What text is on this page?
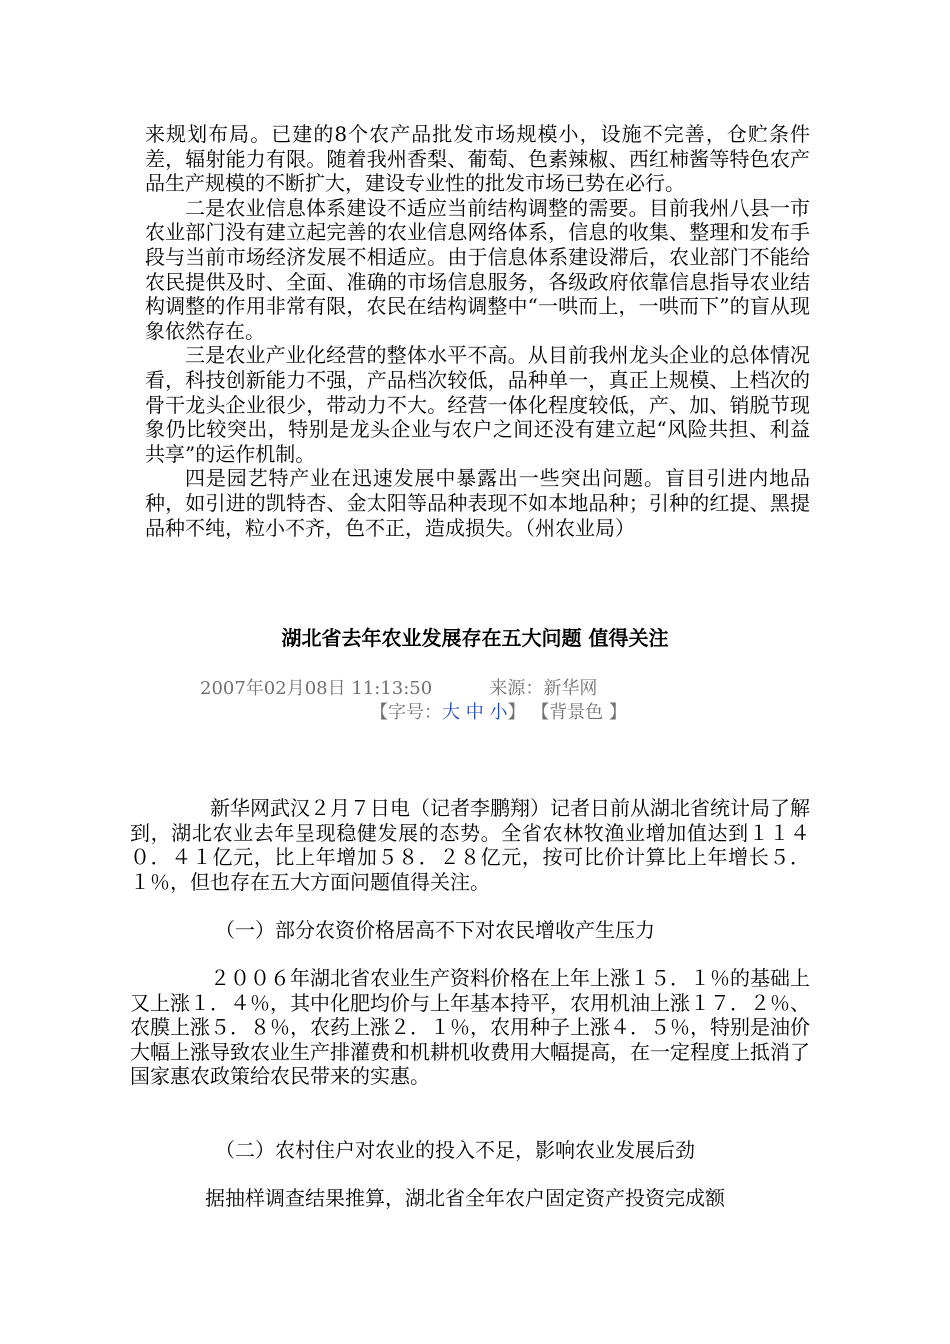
来规划布局。已建的8个农产品批发市场规模小，设施不完善，仓贮条件差，辐射能力有限。随着我州香梨、葡萄、色素辣椒、西红柿酱等特色农产品生产规模的不断扩大，建设专业性的批发市场已势在必行。

二是农业信息体系建设不适应当前结构调整的需要。目前我州八县一市农业部门没有建立起完善的农业信息网络体系，信息的收集、整理和发布手段与当前市场经济发展不相适应。由于信息体系建设滞后，农业部门不能给农民提供及时、全面、准确的市场信息服务，各级政府依靠信息指导农业结构调整的作用非常有限，农民在结构调整中“一哄而上，一哄而下”的盲从现象依然存在。

三是农业产业化经营的整体水平不高。从目前我州龙头企业的总体情况看，科技创新能力不强，产品档次较低，品种单一，真正上规模、上档次的骨干龙头企业很少，带动力不大。经营一体化程度较低，产、加、销脱节现象仍比较突出，特别是龙头企业与农户之间还没有建立起“风险共担、利益共享”的运作机制。

四是园艺特产业在迅速发展中暴露出一些突出问题。盲目引进内地品种，如引进的凯特杏、金太阳等品种表现不如本地品种；引种的红提、黑提品种不纯，粒小不齐，色不正，造成损失。（州农业局）

湖北省去年农业发展存在五大问题 值得关注
2007年02月08日 11:13:50	来源：新华网
【字号：大 中 小】 【背景色 】

新华网武汉２月７日电（记者李鹏翔）记者日前从湖北省统计局了解到，湖北农业去年呈现稳健发展的态势。全省农林牧渔业增加值达到１１４０．４１亿元，比上年增加５８．２８亿元，按可比价计算比上年增长５．１％，但也存在五大方面问题值得关注。

（一）部分农资价格居高不下对农民增收产生压力

２００６年湖北省农业生产资料价格在上年上涨１５．１％的基础上又上涨１．４％，其中化肥均价与上年基本持平，农用机油上涨１７．２％、农膜上涨５．８％，农药上涨２．１％，农用种子上涨４．５％，特别是油价大幅上涨导致农业生产排灌费和机耕机收费用大幅提高，在一定程度上抵消了国家惠农政策给农民带来的实惠。

（二）农村住户对农业的投入不足，影响农业发展后劲

据抽样调查结果推算，湖北省全年农户固定资产投资完成额
